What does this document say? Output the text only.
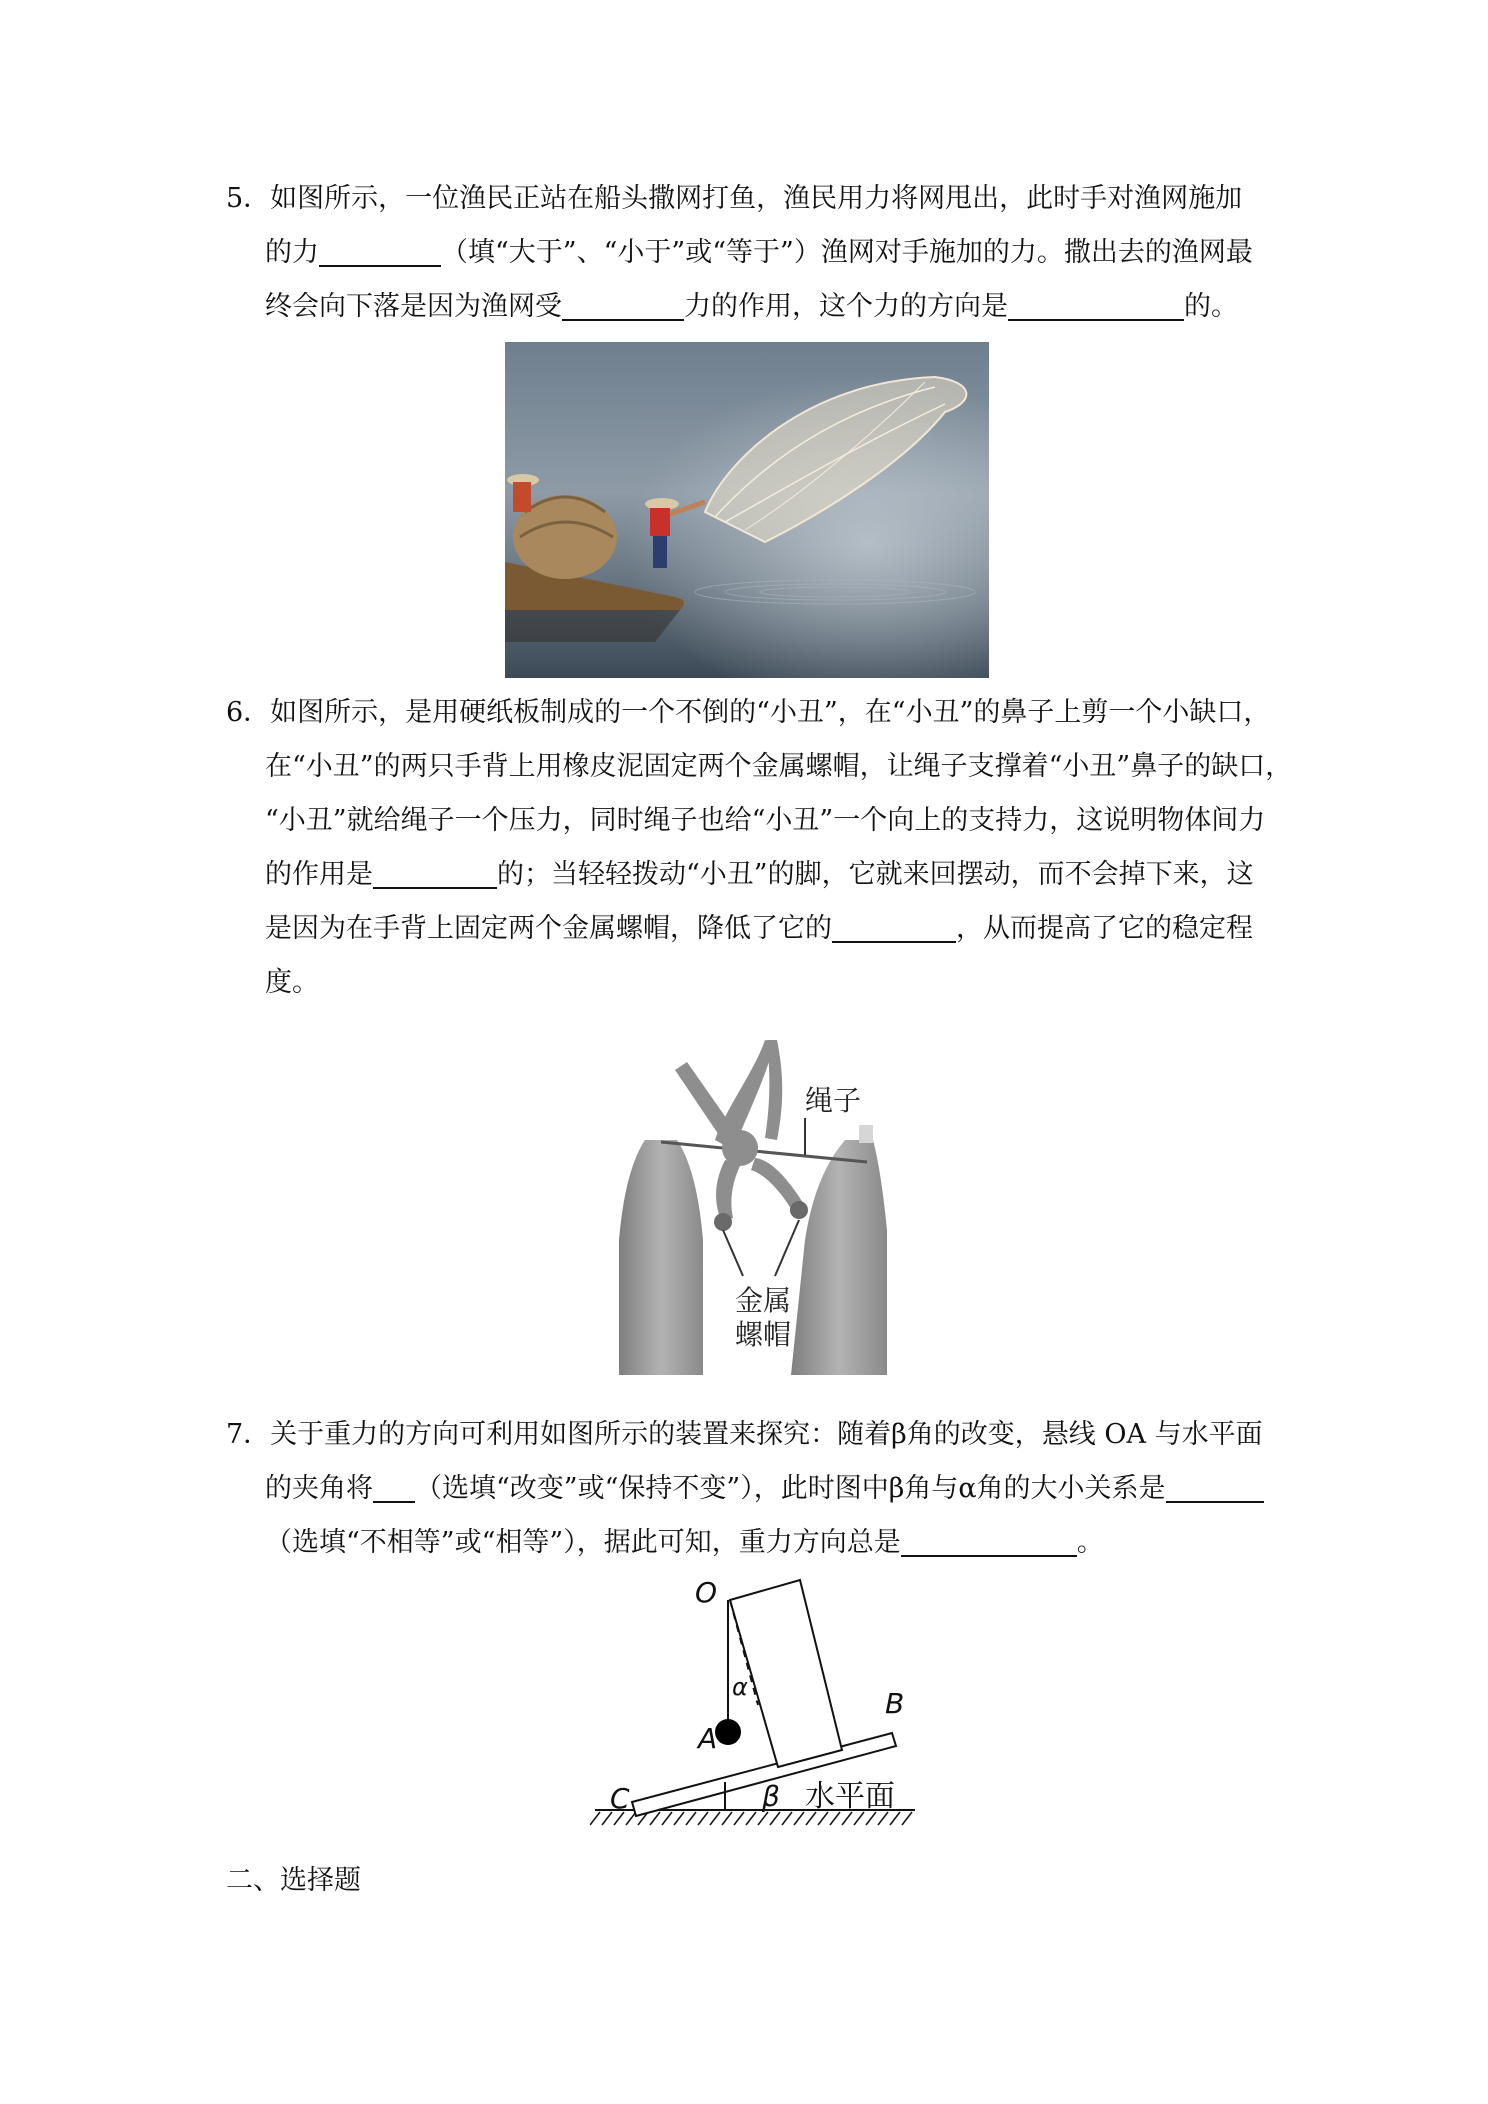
5．如图所示，一位渔民正站在船头撒网打鱼，渔民用力将网甩出，此时手对渔网施加

的力	（填“大于”、“小于”或“等于”）渔网对手施加的力。撒出去的渔网最

终会向下落是因为渔网受	力的作用，这个力的方向是	的。

6．如图所示，是用硬纸板制成的一个不倒的“小丑”，在“小丑”的鼻子上剪一个小缺口，

在“小丑”的两只手背上用橡皮泥固定两个金属螺帽，让绳子支撑着“小丑”鼻子的缺口，

“小丑”就给绳子一个压力，同时绳子也给“小丑”一个向上的支持力，这说明物体间力

的作用是	的；当轻轻拨动“小丑”的脚，它就来回摆动，而不会掉下来，这

是因为在手背上固定两个金属螺帽，降低了它的	，从而提高了它的稳定程

度。

绳子
金属
螺帽

7．关于重力的方向可利用如图所示的装置来探究：随着β角的改变，悬线 OA 与水平面

的夹角将 （选填“改变”或“保持不变”），此时图中β角与α角的大小关系是

（选填“不相等”或“相等”），据此可知，重力方向总是	。

O
A
B
C
α
β 水平面
二、选择题
